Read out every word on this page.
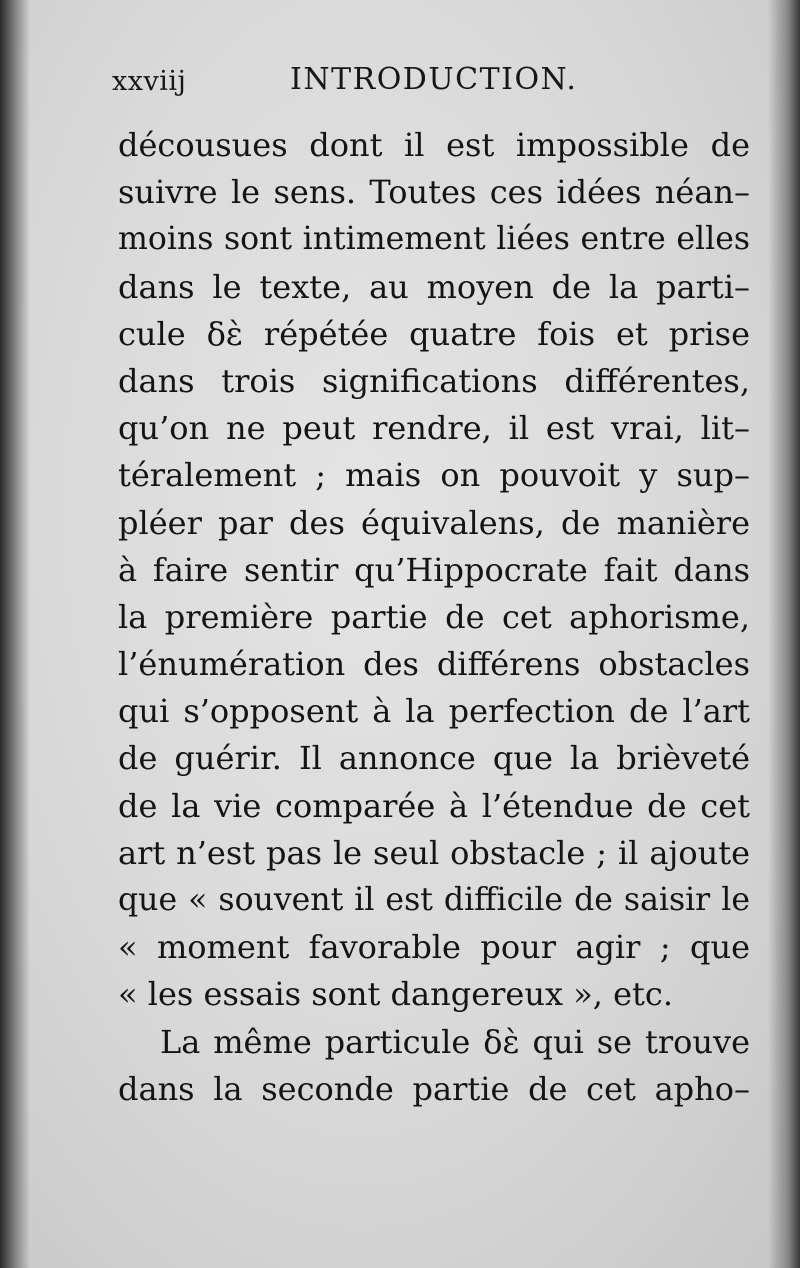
xxviij	INTRODUCTION.
décousues dont il est impossible de
suivre le sens. Toutes ces idées néan–
moins sont intimement liées entre elles
dans le texte, au moyen de la parti–
cule δὲ répétée quatre fois et prise
dans trois significations différentes,
qu’on ne peut rendre, il est vrai, lit–
téralement ; mais on pouvoit y sup–
pléer par des équivalens, de manière
à faire sentir qu’Hippocrate fait dans
la première partie de cet aphorisme,
l’énumération des différens obstacles
qui s’opposent à la perfection de l’art
de guérir. Il annonce que la brièveté
de la vie comparée à l’étendue de cet
art n’est pas le seul obstacle ; il ajoute
que « souvent il est difficile de saisir le
« moment favorable pour agir ; que
« les essais sont dangereux », etc.
La même particule δὲ qui se trouve
dans la seconde partie de cet apho–
